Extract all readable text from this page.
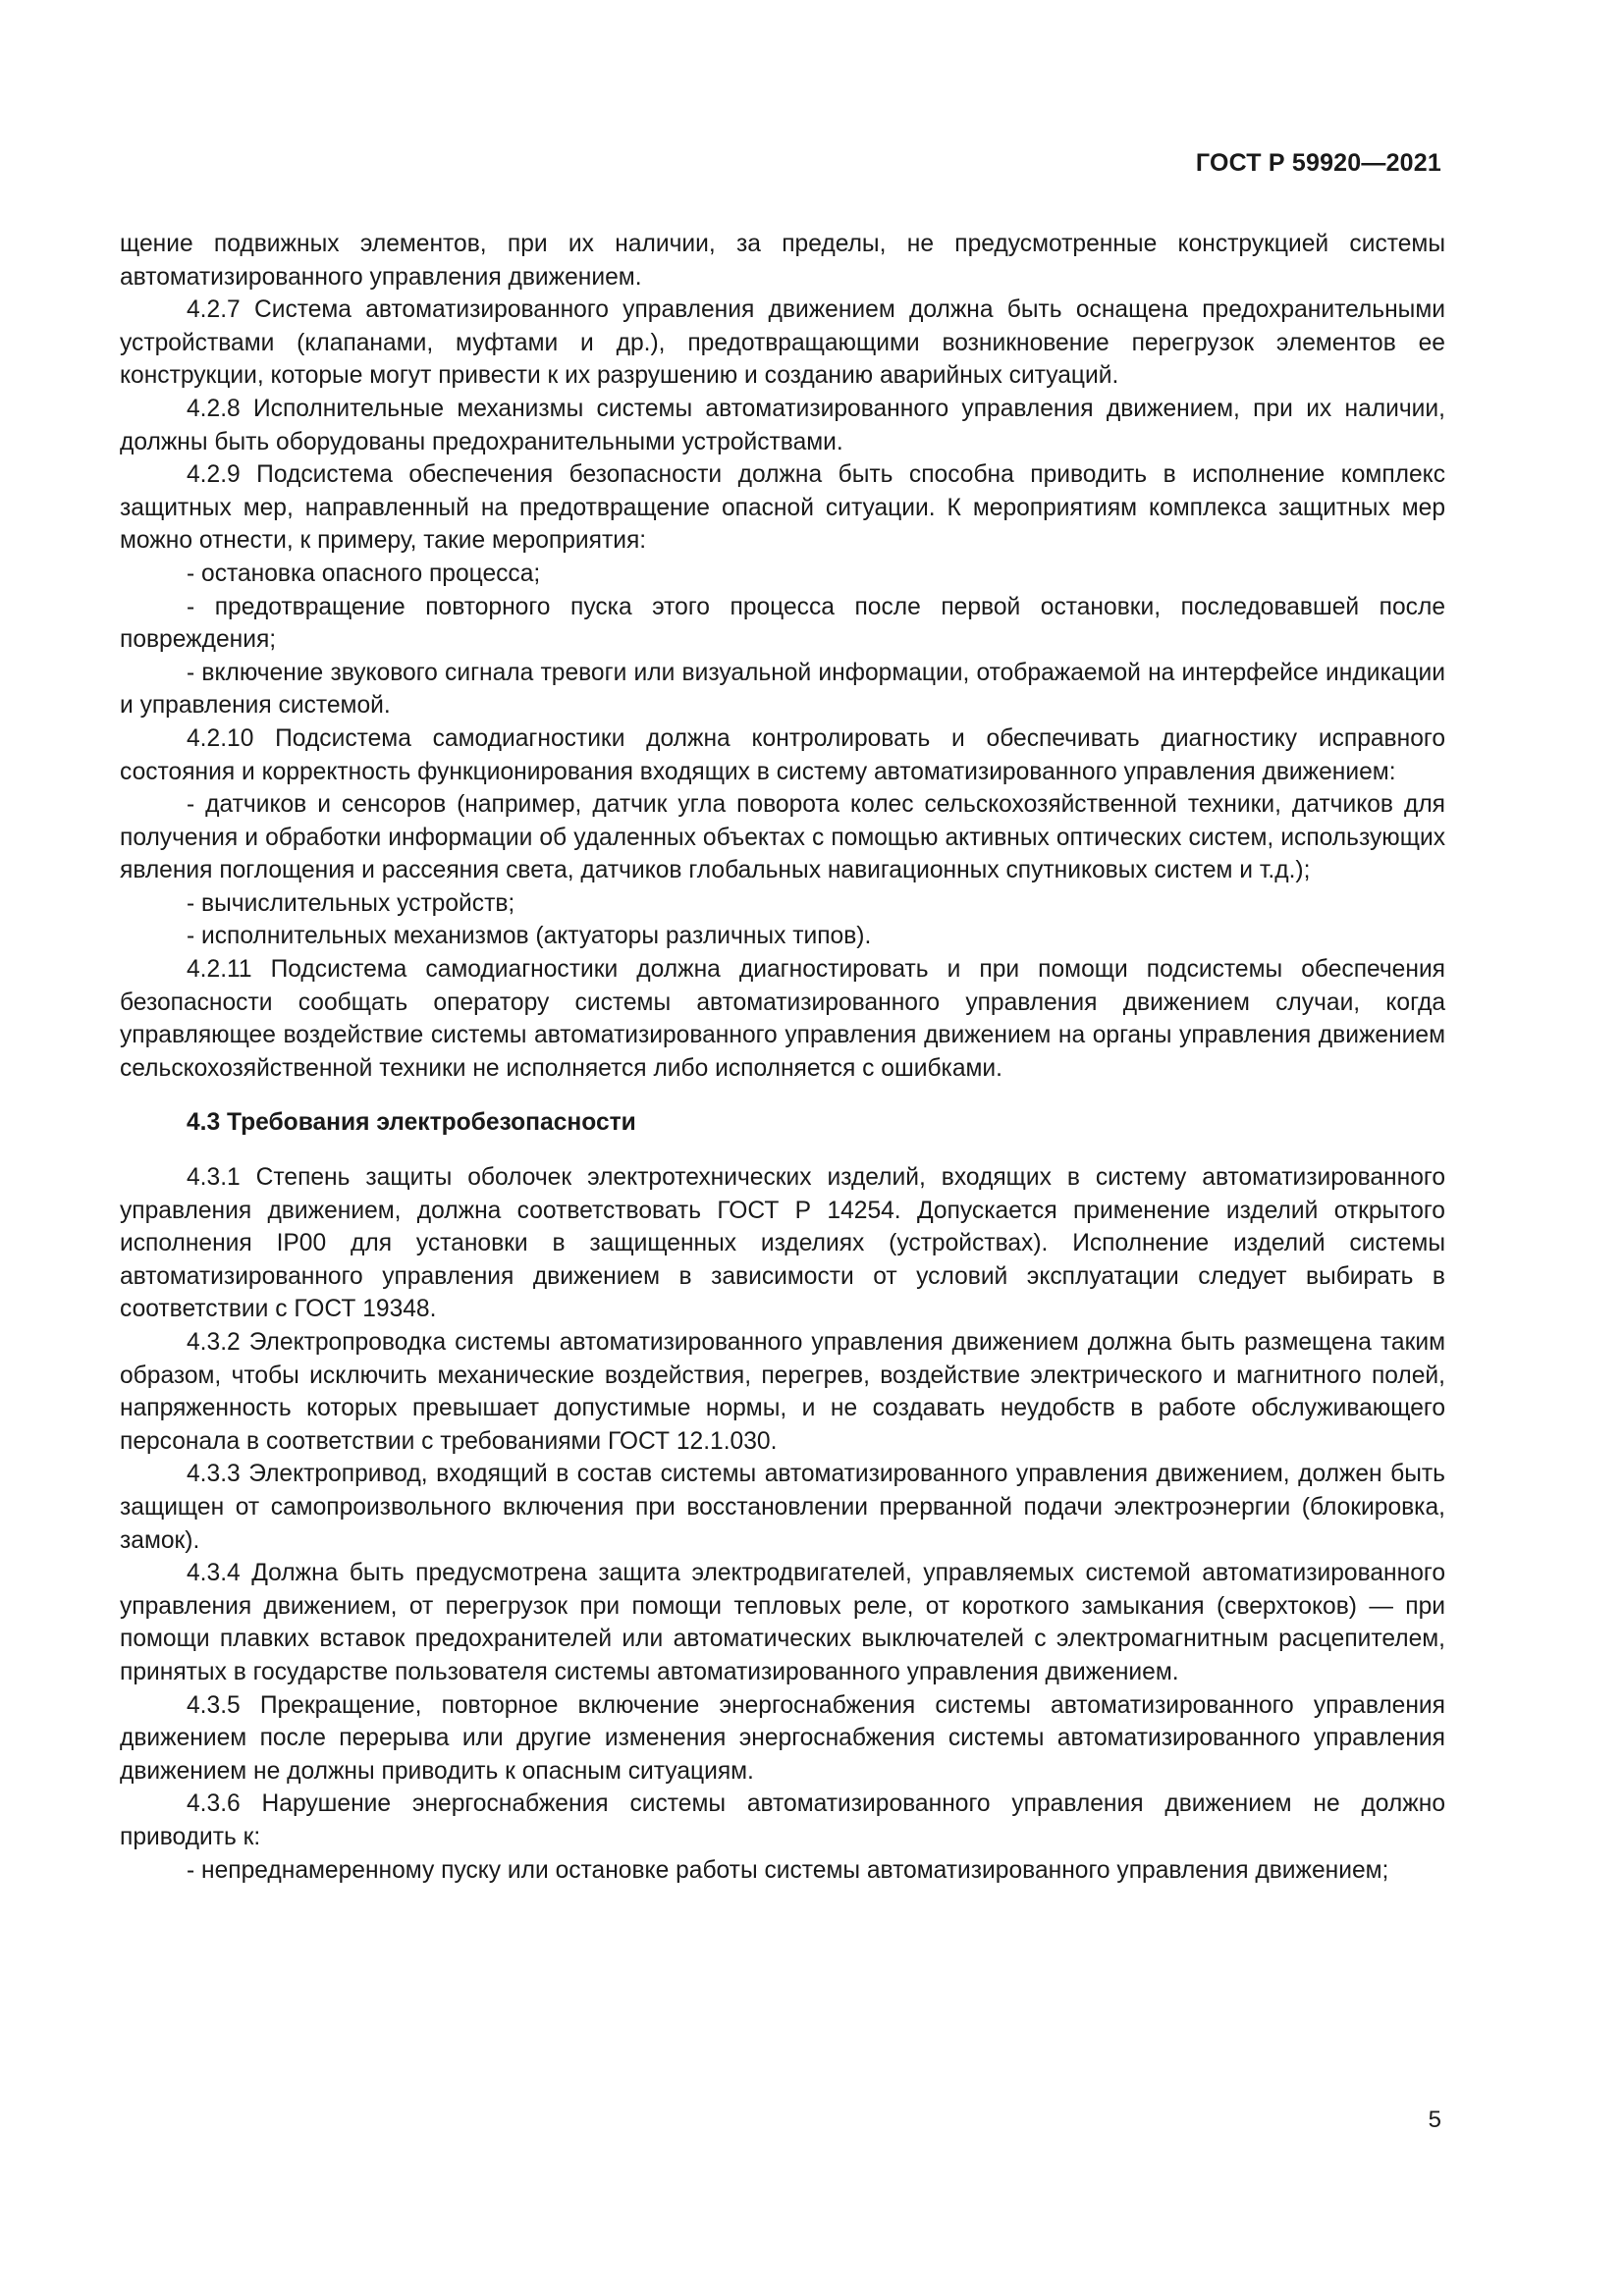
ГОСТ Р 59920—2021

щение подвижных элементов, при их наличии, за пределы, не предусмотренные конструкцией системы автоматизированного управления движением.

4.2.7 Система автоматизированного управления движением должна быть оснащена предохранительными устройствами (клапанами, муфтами и др.), предотвращающими возникновение перегрузок элементов ее конструкции, которые могут привести к их разрушению и созданию аварийных ситуаций.

4.2.8 Исполнительные механизмы системы автоматизированного управления движением, при их наличии, должны быть оборудованы предохранительными устройствами.

4.2.9 Подсистема обеспечения безопасности должна быть способна приводить в исполнение комплекс защитных мер, направленный на предотвращение опасной ситуации. К мероприятиям комплекса защитных мер можно отнести, к примеру, такие мероприятия:

- остановка опасного процесса;

- предотвращение повторного пуска этого процесса после первой остановки, последовавшей после повреждения;

- включение звукового сигнала тревоги или визуальной информации, отображаемой на интерфейсе индикации и управления системой.

4.2.10 Подсистема самодиагностики должна контролировать и обеспечивать диагностику исправного состояния и корректность функционирования входящих в систему автоматизированного управления движением:

- датчиков и сенсоров (например, датчик угла поворота колес сельскохозяйственной техники, датчиков для получения и обработки информации об удаленных объектах с помощью активных оптических систем, использующих явления поглощения и рассеяния света, датчиков глобальных навигационных спутниковых систем и т.д.);

- вычислительных устройств;

- исполнительных механизмов (актуаторы различных типов).

4.2.11 Подсистема самодиагностики должна диагностировать и при помощи подсистемы обеспечения безопасности сообщать оператору системы автоматизированного управления движением случаи, когда управляющее воздействие системы автоматизированного управления движением на органы управления движением сельскохозяйственной техники не исполняется либо исполняется с ошибками.

4.3 Требования электробезопасности

4.3.1 Степень защиты оболочек электротехнических изделий, входящих в систему автоматизированного управления движением, должна соответствовать ГОСТ Р 14254. Допускается применение изделий открытого исполнения IP00 для установки в защищенных изделиях (устройствах). Исполнение изделий системы автоматизированного управления движением в зависимости от условий эксплуатации следует выбирать в соответствии с ГОСТ 19348.

4.3.2 Электропроводка системы автоматизированного управления движением должна быть размещена таким образом, чтобы исключить механические воздействия, перегрев, воздействие электрического и магнитного полей, напряженность которых превышает допустимые нормы, и не создавать неудобств в работе обслуживающего персонала в соответствии с требованиями ГОСТ 12.1.030.

4.3.3 Электропривод, входящий в состав системы автоматизированного управления движением, должен быть защищен от самопроизвольного включения при восстановлении прерванной подачи электроэнергии (блокировка, замок).

4.3.4 Должна быть предусмотрена защита электродвигателей, управляемых системой автоматизированного управления движением, от перегрузок при помощи тепловых реле, от короткого замыкания (сверхтоков) — при помощи плавких вставок предохранителей или автоматических выключателей с электромагнитным расцепителем, принятых в государстве пользователя системы автоматизированного управления движением.

4.3.5 Прекращение, повторное включение энергоснабжения системы автоматизированного управления движением после перерыва или другие изменения энергоснабжения системы автоматизированного управления движением не должны приводить к опасным ситуациям.

4.3.6 Нарушение энергоснабжения системы автоматизированного управления движением не должно приводить к:

- непреднамеренному пуску или остановке работы системы автоматизированного управления движением;

5
